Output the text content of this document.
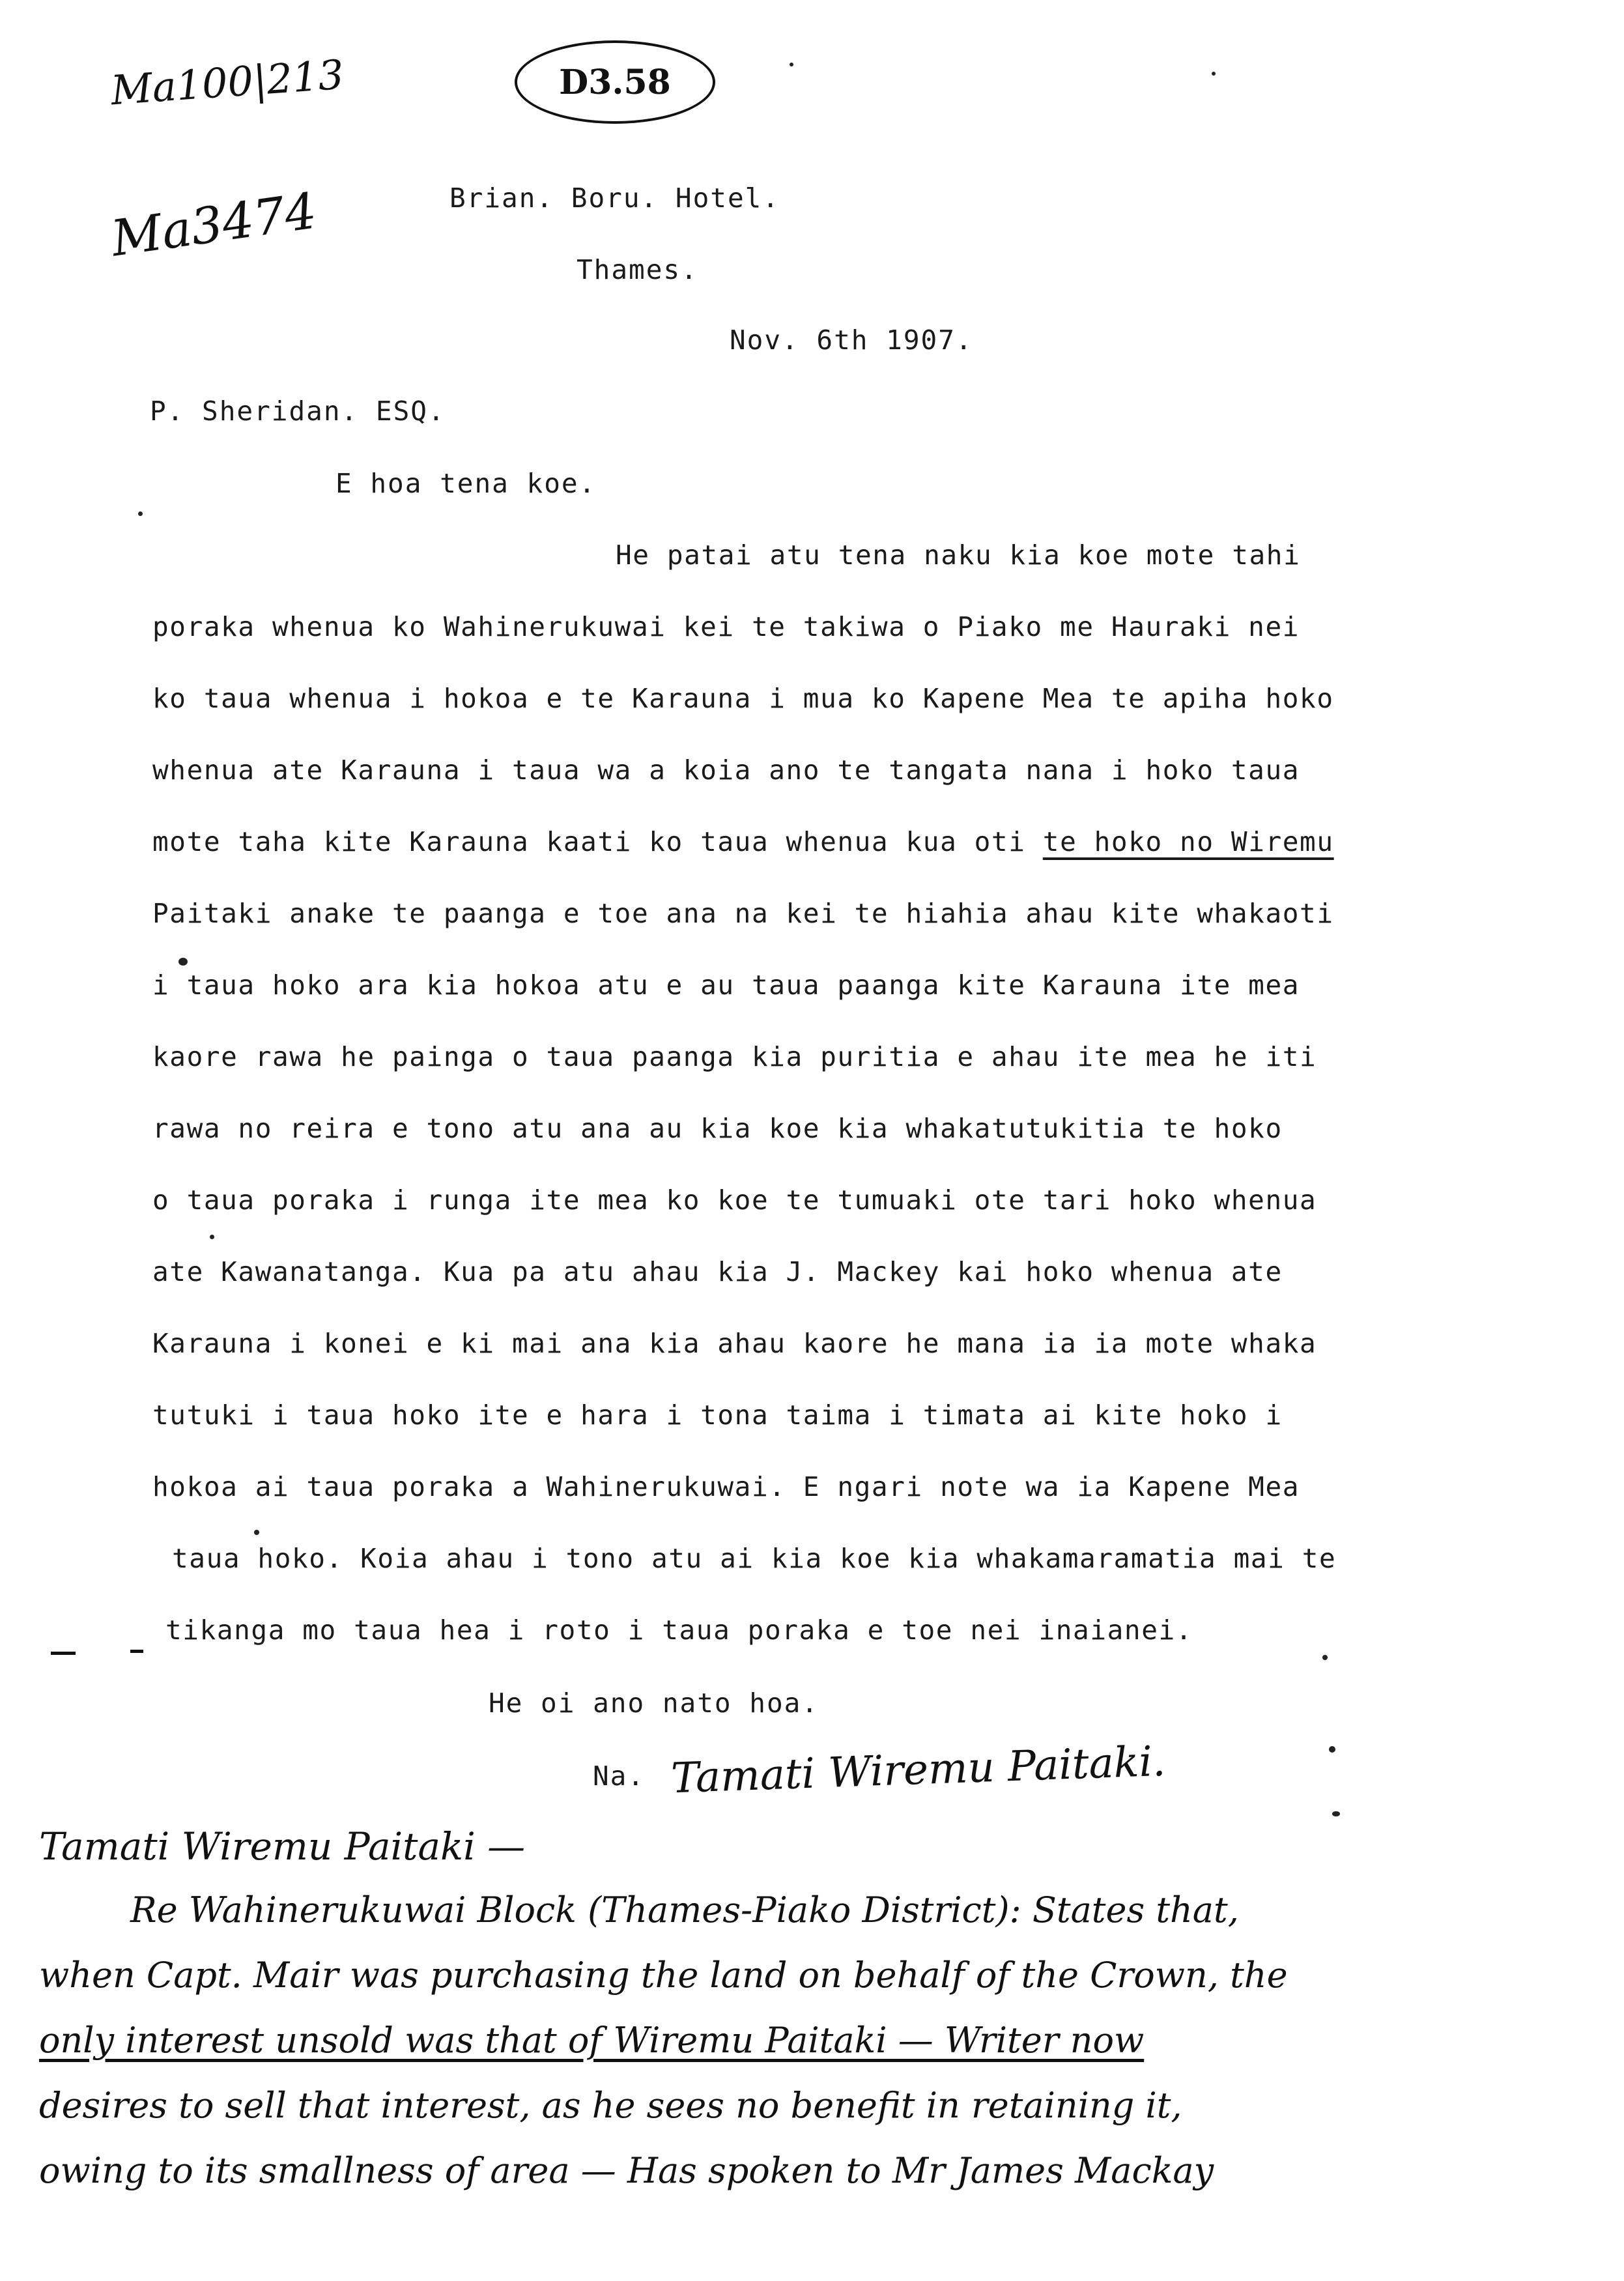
Ma100|213
Ma3474
D3.58
Brian. Boru. Hotel.
Thames.
Nov. 6th 1907.
P. Sheridan. ESQ.
E hoa tena koe.
He patai atu tena naku kia koe mote tahi
poraka whenua ko Wahinerukuwai kei te takiwa o Piako me Hauraki nei
ko taua whenua i hokoa e te Karauna i mua ko Kapene Mea te apiha hoko
whenua ate Karauna i taua wa a koia ano te tangata nana i hoko taua
mote taha kite Karauna kaati ko taua whenua kua oti te hoko no Wiremu
Paitaki anake te paanga e toe ana na kei te hiahia ahau kite whakaoti
i taua hoko ara kia hokoa atu e au taua paanga kite Karauna ite mea
kaore rawa he painga o taua paanga kia puritia e ahau ite mea he iti
rawa no reira e tono atu ana au kia koe kia whakatutukitia te hoko
o taua poraka i runga ite mea ko koe te tumuaki ote tari hoko whenua
ate Kawanatanga. Kua pa atu ahau kia J. Mackey kai hoko whenua ate
Karauna i konei e ki mai ana kia ahau kaore he mana ia ia mote whaka
tutuki i taua hoko ite e hara i tona taima i timata ai kite hoko i
hokoa ai taua poraka a Wahinerukuwai. E ngari note wa ia Kapene Mea
taua hoko. Koia ahau i tono atu ai kia koe kia whakamaramatia mai te
tikanga mo taua hea i roto i taua poraka e toe nei inaianei.
He oi ano nato hoa.
Na. Tamati Wiremu Paitaki.
Tamati Wiremu Paitaki —
Re Wahinerukuwai Block (Thames-Piako District): States that,
when Capt. Mair was purchasing the land on behalf of the Crown, the
only interest unsold was that of Wiremu Paitaki — Writer now
desires to sell that interest, as he sees no benefit in retaining it,
owing to its smallness of area — Has spoken to Mr James Mackay
